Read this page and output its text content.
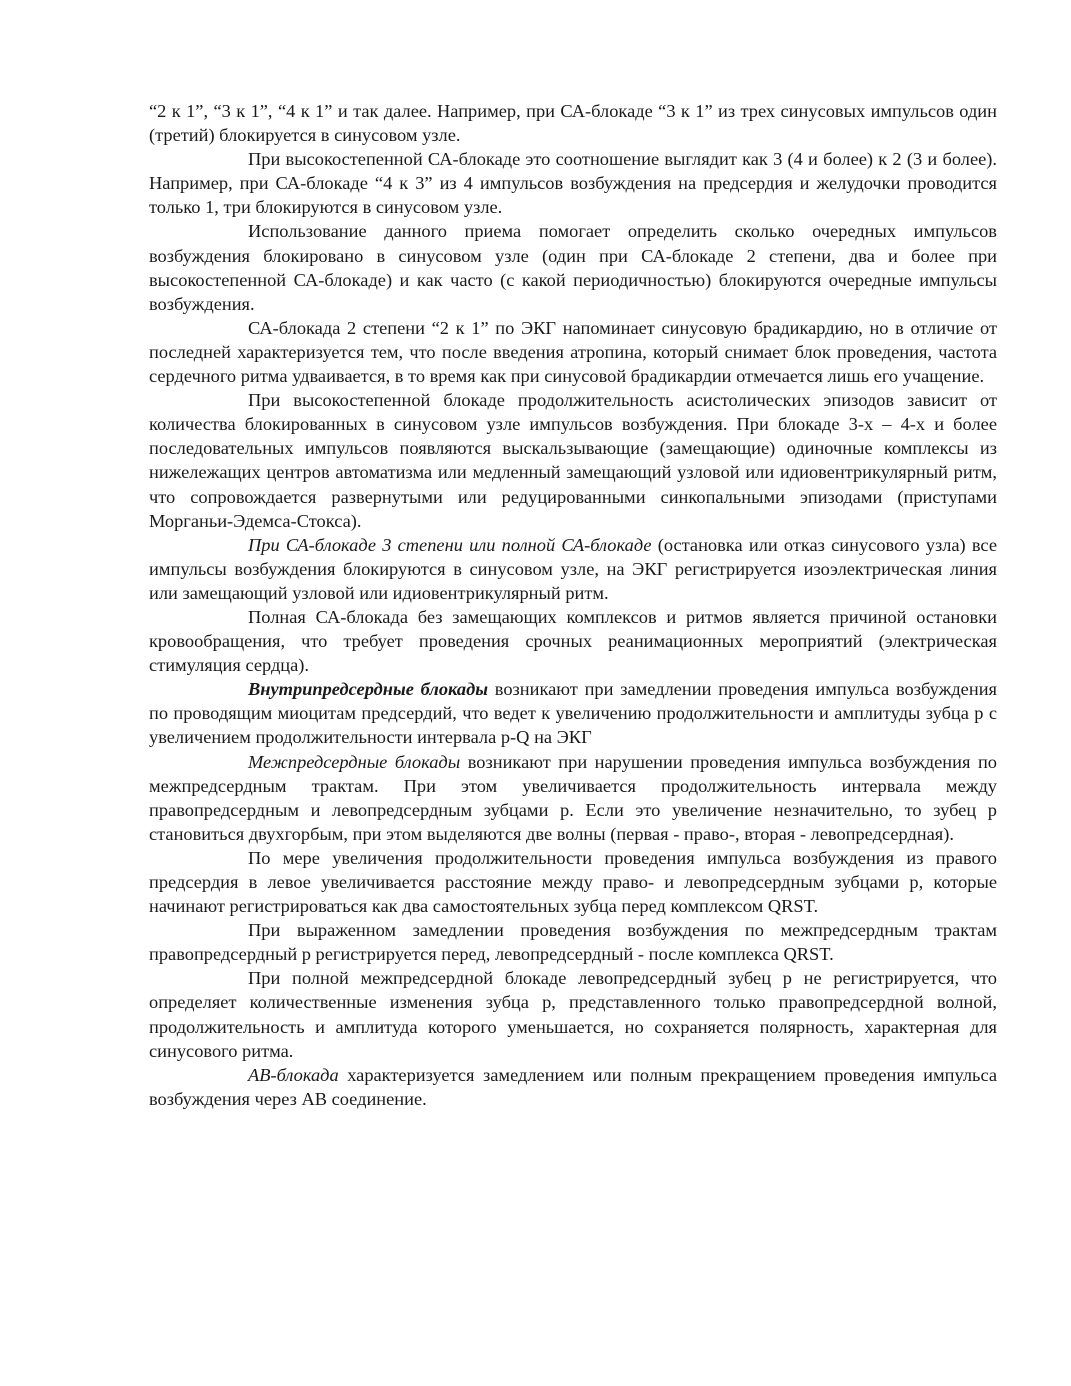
“2 к 1”, “3 к 1”, “4 к 1” и так далее. Например, при СА-блокаде “3 к 1” из трех синусовых импульсов один (третий) блокируется в синусовом узле.

При высокостепенной СА-блокаде это соотношение выглядит как 3 (4 и более) к 2 (3 и более). Например, при СА-блокаде “4 к 3” из 4 импульсов возбуждения на предсердия и желудочки проводится только 1, три блокируются в синусовом узле.

Использование данного приема помогает определить сколько очередных импульсов возбуждения блокировано в синусовом узле (один при СА-блокаде 2 степени, два и более при высокостепенной СА-блокаде) и как часто (с какой периодичностью) блокируются очередные импульсы возбуждения.

СА-блокада 2 степени “2 к 1” по ЭКГ напоминает синусовую брадикардию, но в отличие от последней характеризуется тем, что после введения атропина, который снимает блок проведения, частота сердечного ритма удваивается, в то время как при синусовой брадикардии отмечается лишь его учащение.

При высокостепенной блокаде продолжительность асистолических эпизодов зависит от количества блокированных в синусовом узле импульсов возбуждения. При блокаде 3-х – 4-х и более последовательных импульсов появляются выскальзывающие (замещающие) одиночные комплексы из нижележащих центров автоматизма или медленный замещающий узловой или идиовентрикулярный ритм, что сопровождается развернутыми или редуцированными синкопальными эпизодами (приступами Морганьи-Эдемса-Стокса).

При СА-блокаде 3 степени или полной СА-блокаде (остановка или отказ синусового узла) все импульсы возбуждения блокируются в синусовом узле, на ЭКГ регистрируется изоэлектрическая линия или замещающий узловой или идиовентрикулярный ритм.

Полная СА-блокада без замещающих комплексов и ритмов является причиной остановки кровообращения, что требует проведения срочных реанимационных мероприятий (электрическая стимуляция сердца).

Внутрипредсердные блокады возникают при замедлении проведения импульса возбуждения по проводящим миоцитам предсердий, что ведет к увеличению продолжительности и амплитуды зубца р с увеличением продолжительности интервала р-Q на ЭКГ

Межпредсердные блокады возникают при нарушении проведения импульса возбуждения по межпредсердным трактам. При этом увеличивается продолжительность интервала между правопредсердным и левопредсердным зубцами р. Если это увеличение незначительно, то зубец р становиться двухгорбым, при этом выделяются две волны (первая - право-, вторая - левопредсердная).

По мере увеличения продолжительности проведения импульса возбуждения из правого предсердия в левое увеличивается расстояние между право- и левопредсердным зубцами р, которые начинают регистрироваться как два самостоятельных зубца перед комплексом QRST.

При выраженном замедлении проведения возбуждения по межпредсердным трактам правопредсердный р регистрируется перед, левопредсердный - после комплекса QRST.

При полной межпредсердной блокаде левопредсердный зубец р не регистрируется, что определяет количественные изменения зубца р, представленного только правопредсердной волной, продолжительность и амплитуда которого уменьшается, но сохраняется полярность, характерная для синусового ритма.

АВ-блокада характеризуется замедлением или полным прекращением проведения импульса возбуждения через АВ соединение.
